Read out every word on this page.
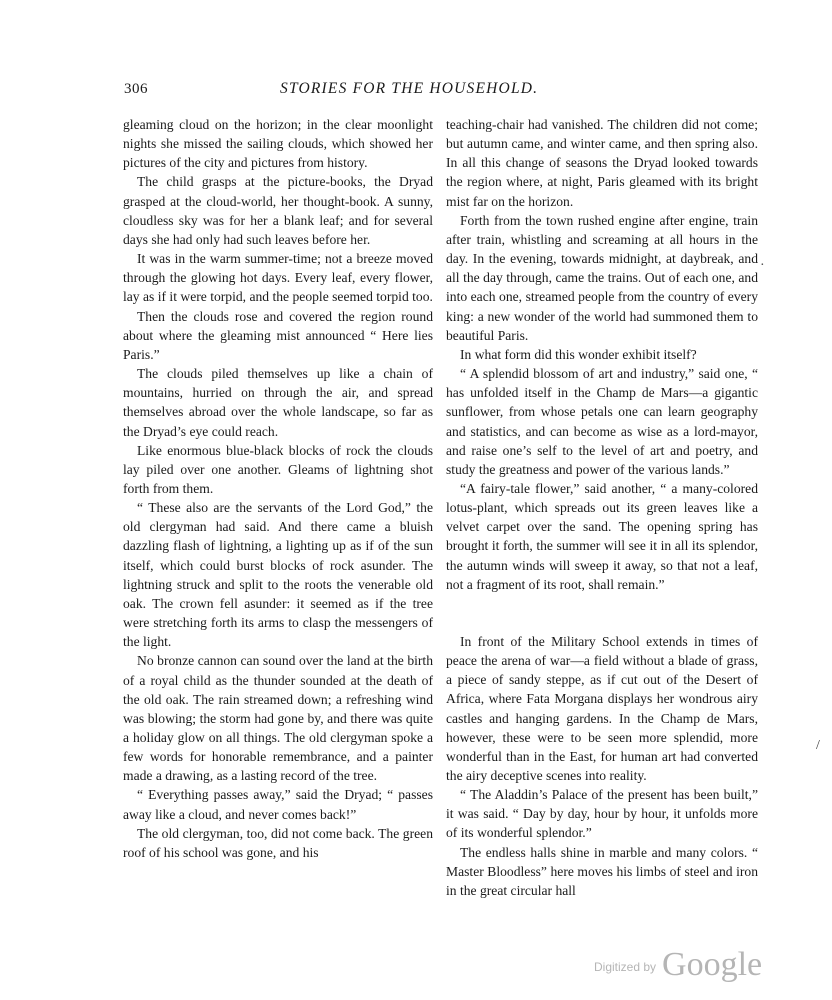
306	STORIES FOR THE HOUSEHOLD.

gleaming cloud on the horizon; in the clear moonlight nights she missed the sailing clouds, which showed her pictures of the city and pictures from history.

The child grasps at the picture-books, the Dryad grasped at the cloud-world, her thought-book. A sunny, cloudless sky was for her a blank leaf; and for several days she had only had such leaves before her.

It was in the warm summer-time; not a breeze moved through the glowing hot days. Every leaf, every flower, lay as if it were torpid, and the people seemed torpid too.

Then the clouds rose and covered the region round about where the gleaming mist announced “ Here lies Paris.”

The clouds piled themselves up like a chain of mountains, hurried on through the air, and spread themselves abroad over the whole landscape, so far as the Dryad’s eye could reach.

Like enormous blue-black blocks of rock the clouds lay piled over one another. Gleams of lightning shot forth from them.

“ These also are the servants of the Lord God,” the old clergyman had said. And there came a bluish dazzling flash of lightning, a lighting up as if of the sun itself, which could burst blocks of rock asunder. The lightning struck and split to the roots the venerable old oak. The crown fell asunder: it seemed as if the tree were stretching forth its arms to clasp the messengers of the light.

No bronze cannon can sound over the land at the birth of a royal child as the thunder sounded at the death of the old oak. The rain streamed down; a refreshing wind was blowing; the storm had gone by, and there was quite a holiday glow on all things. The old clergyman spoke a few words for honorable remembrance, and a painter made a drawing, as a lasting record of the tree.

“ Everything passes away,” said the Dryad; “ passes away like a cloud, and never comes back!”

The old clergyman, too, did not come back. The green roof of his school was gone, and his

teaching-chair had vanished. The children did not come; but autumn came, and winter came, and then spring also. In all this change of seasons the Dryad looked towards the region where, at night, Paris gleamed with its bright mist far on the horizon.

Forth from the town rushed engine after engine, train after train, whistling and screaming at all hours in the day. In the evening, towards midnight, at daybreak, and all the day through, came the trains. Out of each one, and into each one, streamed people from the country of every king: a new wonder of the world had summoned them to beautiful Paris.

In what form did this wonder exhibit itself?

“ A splendid blossom of art and industry,” said one, “ has unfolded itself in the Champ de Mars—a gigantic sunflower, from whose petals one can learn geography and statistics, and can become as wise as a lord-mayor, and raise one’s self to the level of art and poetry, and study the greatness and power of the various lands.”

“A fairy-tale flower,” said another, “ a many-colored lotus-plant, which spreads out its green leaves like a velvet carpet over the sand. The opening spring has brought it forth, the summer will see it in all its splendor, the autumn winds will sweep it away, so that not a leaf, not a fragment of its root, shall remain.”

In front of the Military School extends in times of peace the arena of war—a field without a blade of grass, a piece of sandy steppe, as if cut out of the Desert of Africa, where Fata Morgana displays her wondrous airy castles and hanging gardens. In the Champ de Mars, however, these were to be seen more splendid, more wonderful than in the East, for human art had converted the airy deceptive scenes into reality.

“ The Aladdin’s Palace of the present has been built,” it was said. “ Day by day, hour by hour, it unfolds more of its wonderful splendor.”

The endless halls shine in marble and many colors. “ Master Bloodless” here moves his limbs of steel and iron in the great circular hall

·
/
$^{Digitized by}$ Google
